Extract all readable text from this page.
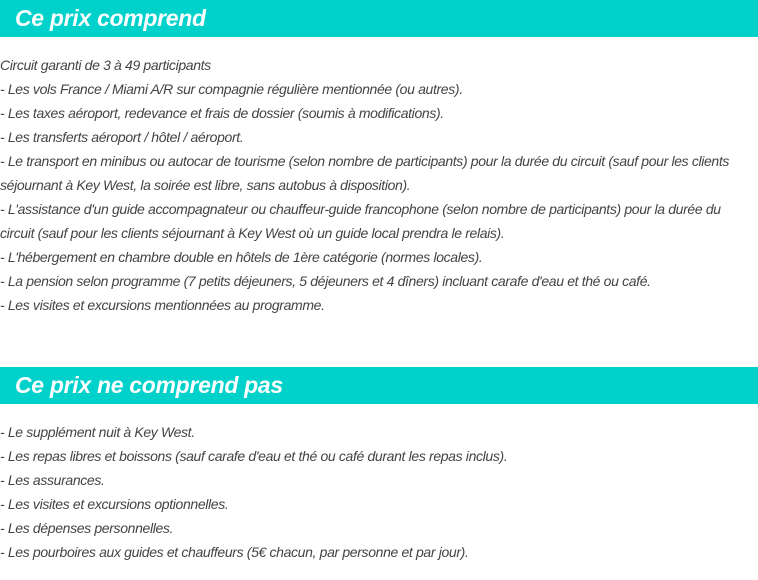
Ce prix comprend
Circuit garanti de 3 à 49 participants
- Les vols France / Miami A/R sur compagnie régulière mentionnée (ou autres).
- Les taxes aéroport, redevance et frais de dossier (soumis à modifications).
- Les transferts aéroport / hôtel / aéroport.
- Le transport en minibus ou autocar de tourisme (selon nombre de participants) pour la durée du circuit (sauf pour les clients séjournant à Key West, la soirée est libre, sans autobus à disposition).
- L'assistance d'un guide accompagnateur ou chauffeur-guide francophone (selon nombre de participants) pour la durée du circuit (sauf pour les clients séjournant à Key West où un guide local prendra le relais).
- L'hébergement en chambre double en hôtels de 1ère catégorie (normes locales).
- La pension selon programme (7 petits déjeuners, 5 déjeuners et 4 dîners) incluant carafe d'eau et thé ou café.
- Les visites et excursions mentionnées au programme.
Ce prix ne comprend pas
- Le supplément nuit à Key West.
- Les repas libres et boissons (sauf carafe d'eau et thé ou café durant les repas inclus).
- Les assurances.
- Les visites et excursions optionnelles.
- Les dépenses personnelles.
- Les pourboires aux guides et chauffeurs (5€ chacun, par personne et par jour).
